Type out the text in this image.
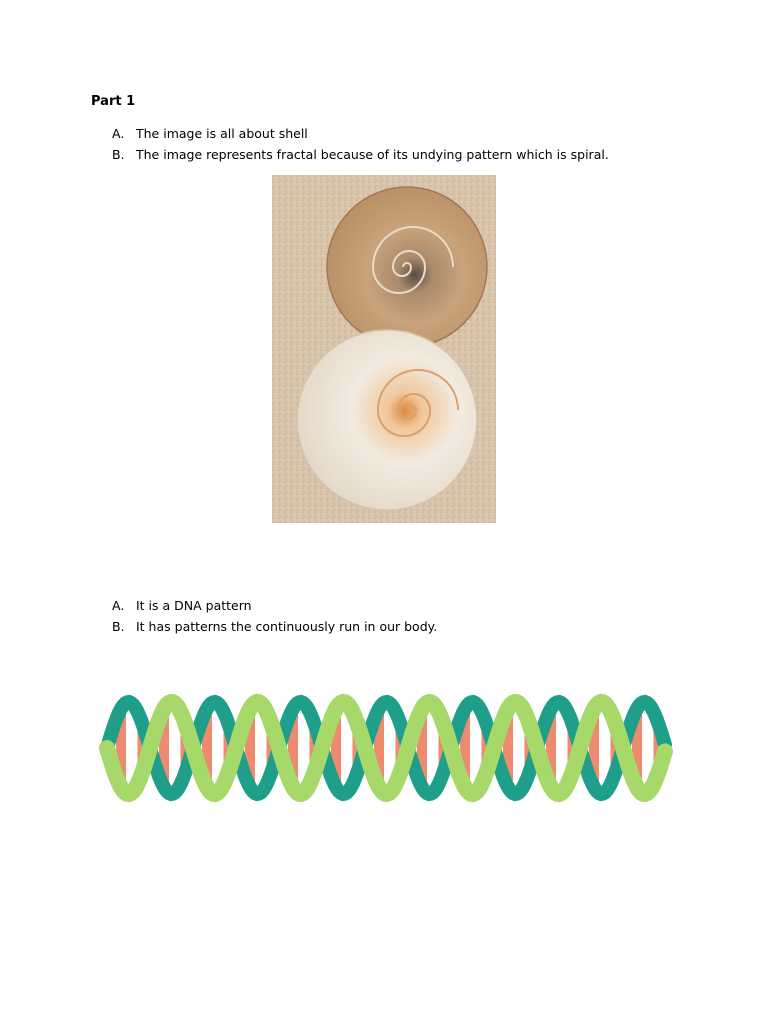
Part 1
A. The image is all about shell
B. The image represents fractal because of its undying pattern which is spiral.
A. It is a DNA pattern
B. It has patterns the continuously run in our body.
